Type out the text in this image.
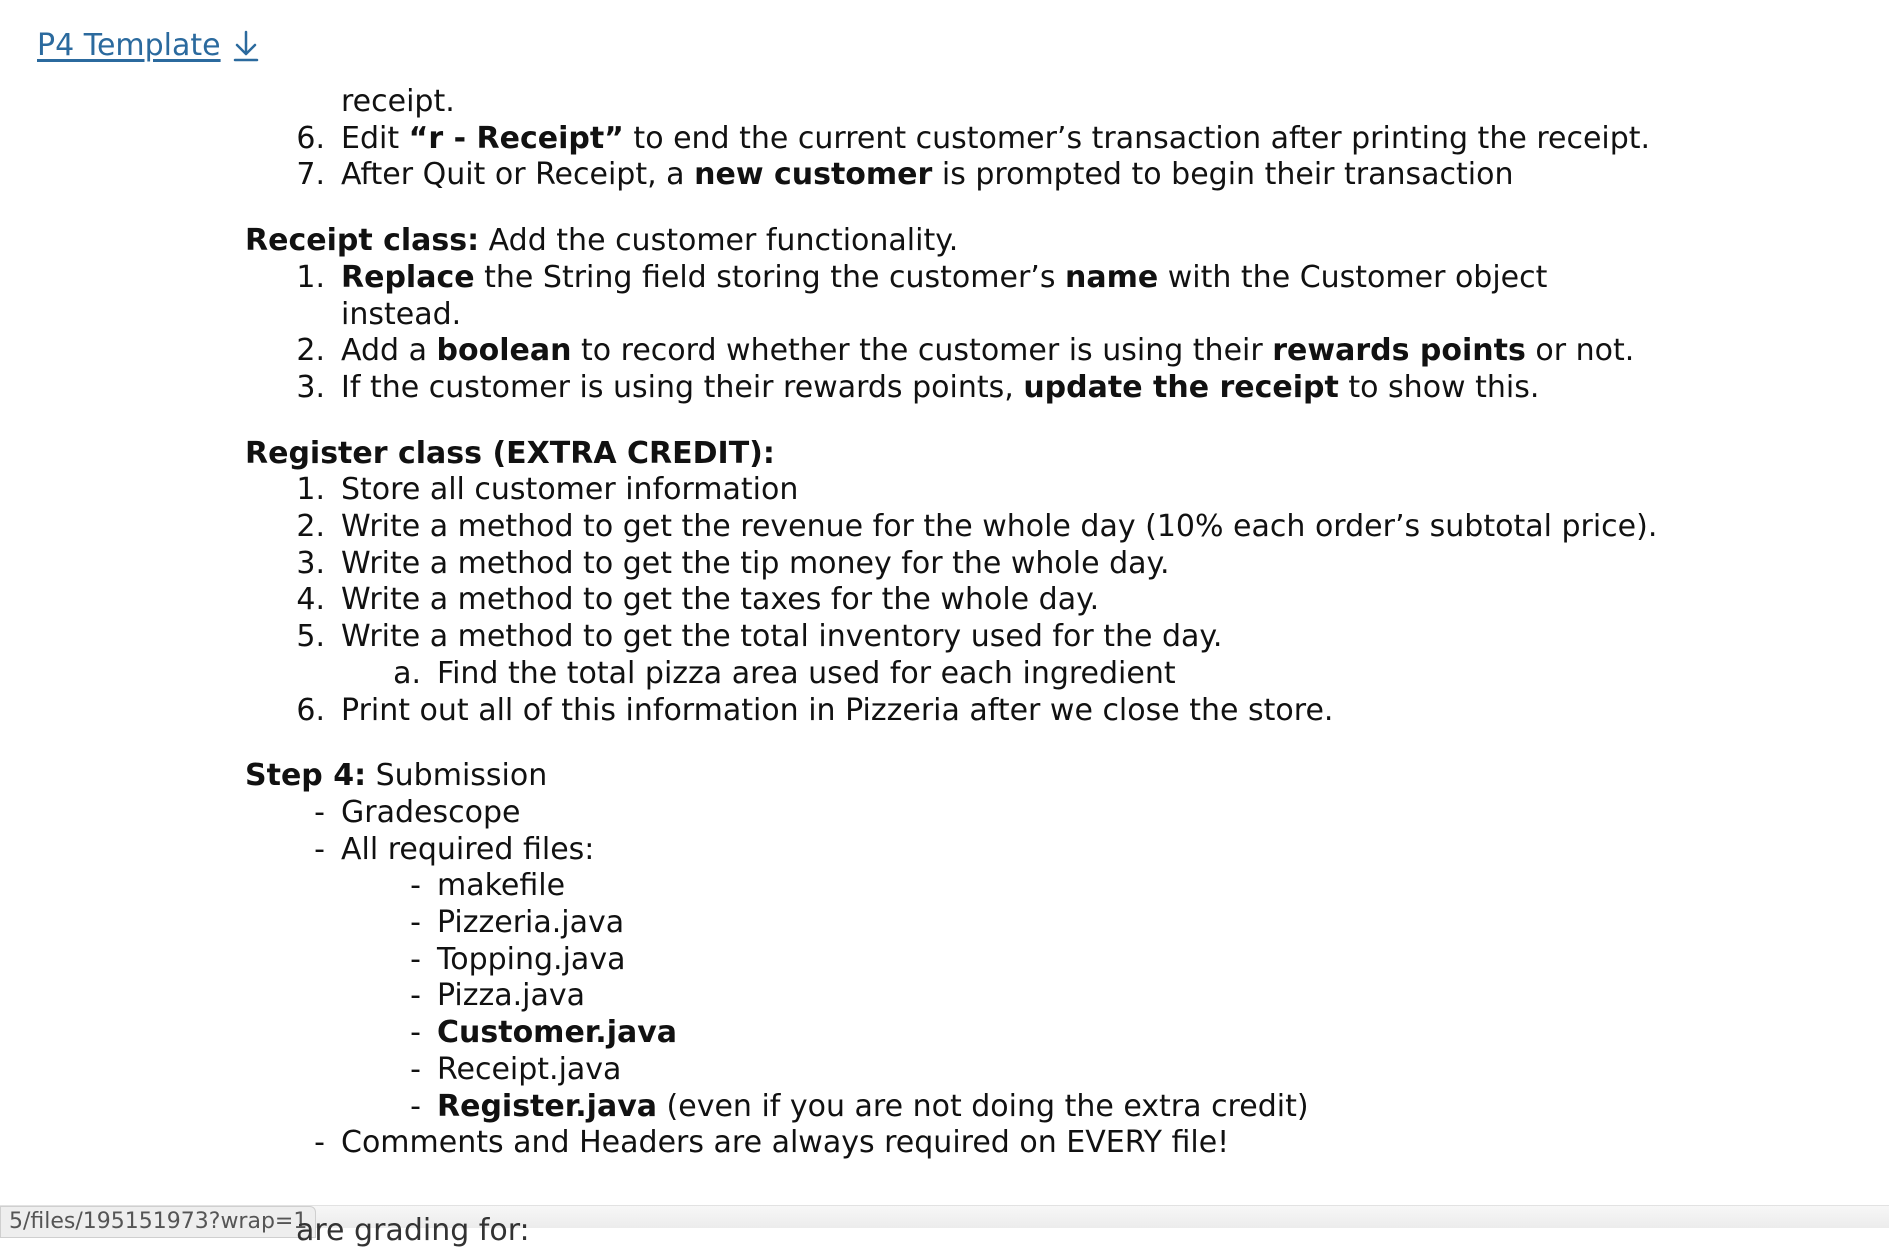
P4 Template
receipt.
6. Edit “r - Receipt” to end the current customer’s transaction after printing the receipt.
7. After Quit or Receipt, a new customer is prompted to begin their transaction
Receipt class: Add the customer functionality.
1. Replace the String field storing the customer’s name with the Customer object
instead.
2. Add a boolean to record whether the customer is using their rewards points or not.
3. If the customer is using their rewards points, update the receipt to show this.
Register class (EXTRA CREDIT):
1. Store all customer information
2. Write a method to get the revenue for the whole day (10% each order’s subtotal price).
3. Write a method to get the tip money for the whole day.
4. Write a method to get the taxes for the whole day.
5. Write a method to get the total inventory used for the day.
a. Find the total pizza area used for each ingredient
6. Print out all of this information in Pizzeria after we close the store.
Step 4: Submission
- Gradescope
- All required files:
- makefile
- Pizzeria.java
- Topping.java
- Pizza.java
- Customer.java
- Receipt.java
- Register.java (even if you are not doing the extra credit)
- Comments and Headers are always required on EVERY file!
5/files/195151973?wrap=1
are grading for:
